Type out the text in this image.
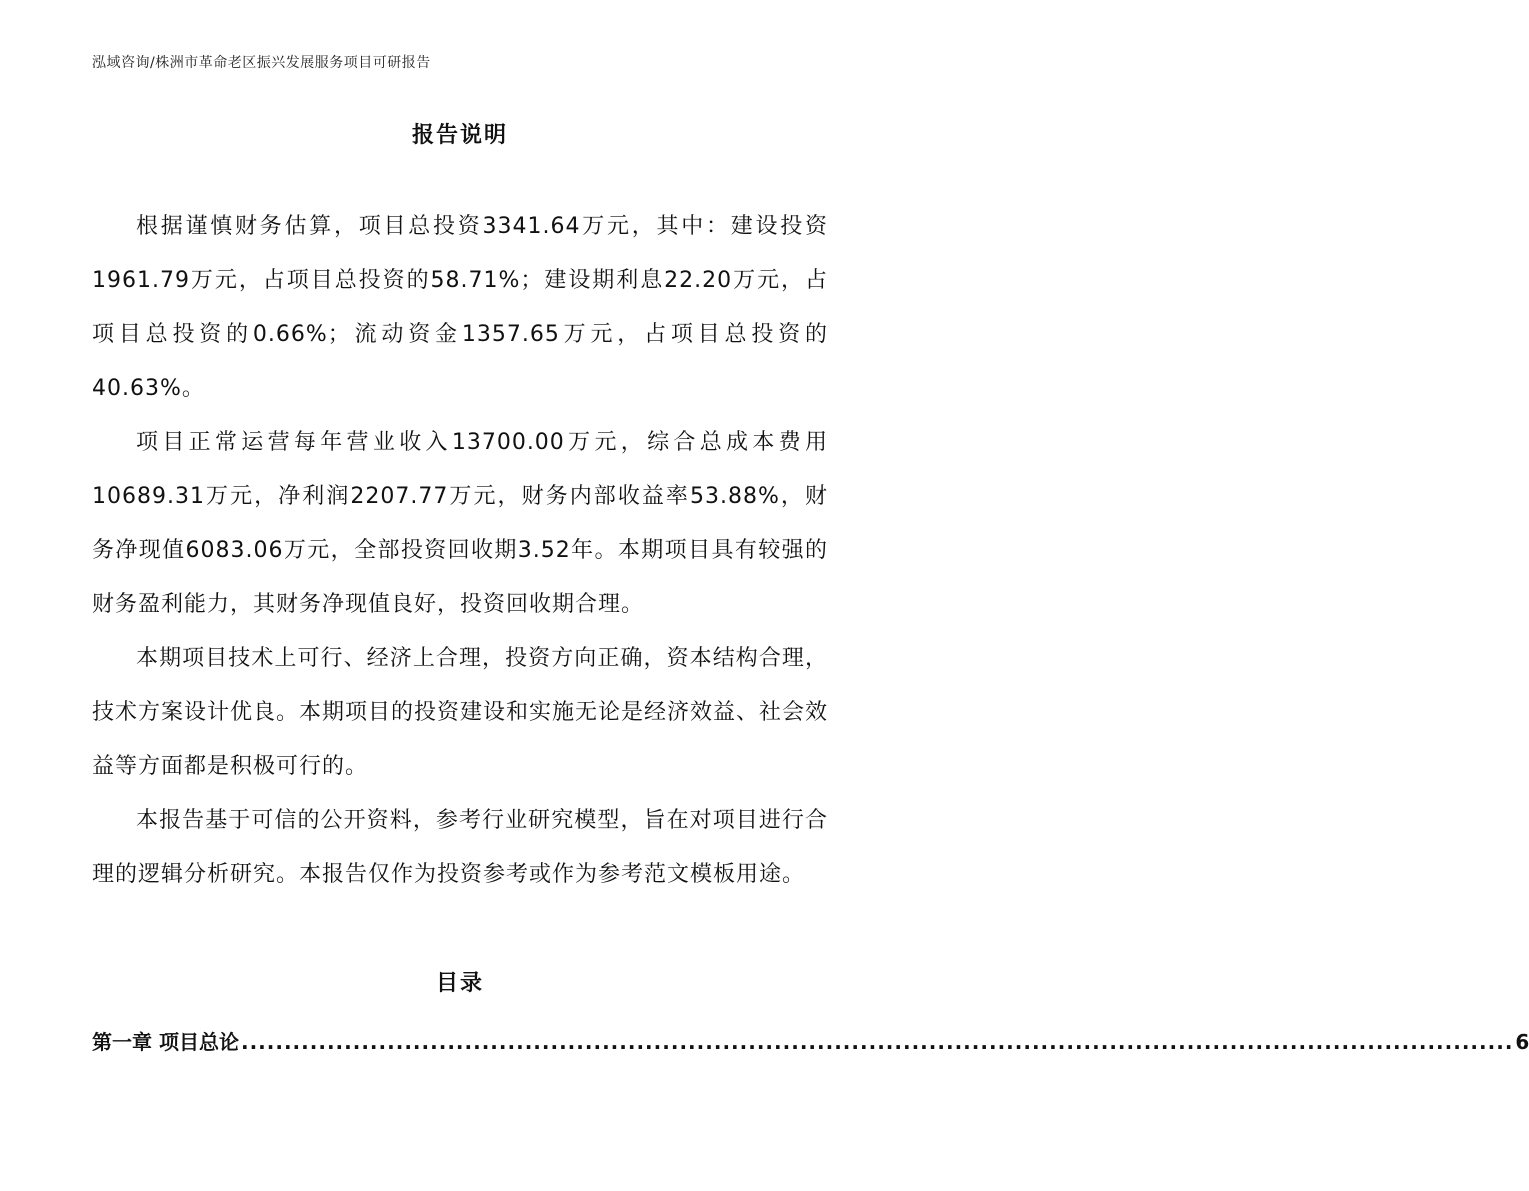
泓域咨询/株洲市革命老区振兴发展服务项目可研报告
报告说明

根据谨慎财务估算，项目总投资3341.64万元，其中：建设投资1961.79万元，占项目总投资的58.71%；建设期利息22.20万元，占项目总投资的0.66%；流动资金1357.65万元，占项目总投资的40.63%。

项目正常运营每年营业收入13700.00万元，综合总成本费用10689.31万元，净利润2207.77万元，财务内部收益率53.88%，财务净现值6083.06万元，全部投资回收期3.52年。本期项目具有较强的财务盈利能力，其财务净现值良好，投资回收期合理。

本期项目技术上可行、经济上合理，投资方向正确，资本结构合理，技术方案设计优良。本期项目的投资建设和实施无论是经济效益、社会效益等方面都是积极可行的。

本报告基于可信的公开资料，参考行业研究模型，旨在对项目进行合理的逻辑分析研究。本报告仅作为投资参考或作为参考范文模板用途。

目录
第一章 项目总论 .................................................................................................................................................... 6
